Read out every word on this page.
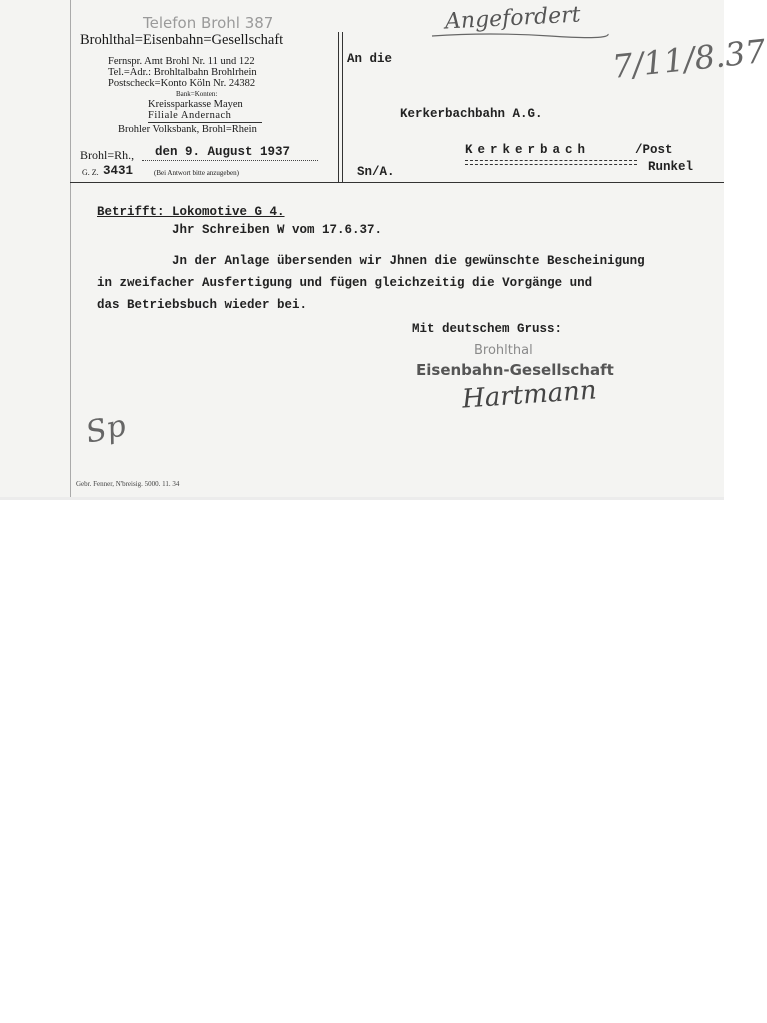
Telefon Brohl 387
Brohlthal=Eisenbahn=Gesellschaft
Fernspr. Amt Brohl Nr. 11 und 122
Tel.=Adr.: Brohltalbahn Brohlrhein
Postscheck=Konto Köln Nr. 24382
Bank=Konten:
Kreissparkasse Mayen
Filiale Andernach
Brohler Volksbank, Brohl=Rhein
Brohl=Rh., den 9. August 1937
G. Z. 3431	(Bei Antwort bitte anzugeben)
An die
Kerkerbachbahn A.G.
Kerkerbach	/Post
Runkel
Sn/A.
Angefordert
7/11/8.37
Sp
Betrifft: Lokomotive G 4.
Jhr Schreiben W vom 17.6.37.
Jn der Anlage übersenden wir Jhnen die gewünschte Bescheinigung
in zweifacher Ausfertigung und fügen gleichzeitig die Vorgänge und
das Betriebsbuch wieder bei.
Mit deutschem Gruss:
Brohlthal
Eisenbahn-Gesellschaft
Hartmann
Gebr. Fenner, N'breisig. 5000. 11. 34
